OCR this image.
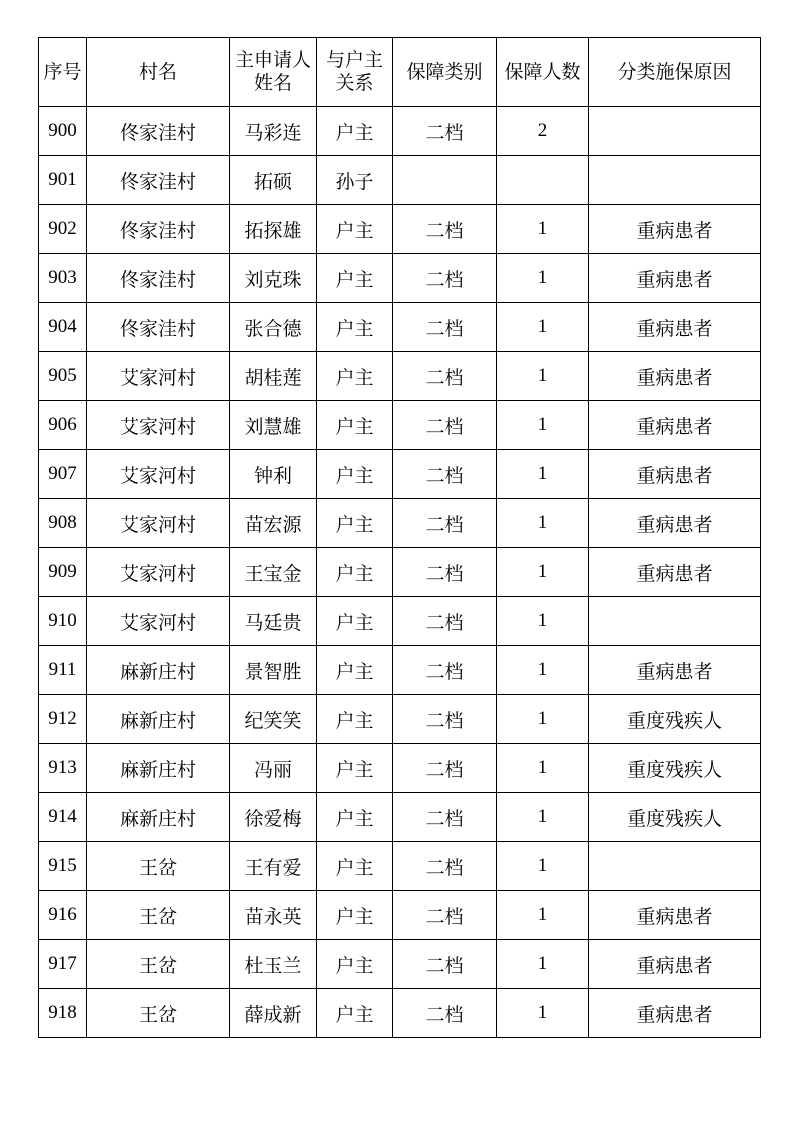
序号	村名	主申请人姓名	与户主关系	保障类别	保障人数	分类施保原因
900	佟家洼村	马彩连	户主	二档	2	
901	佟家洼村	拓硕	孙子			
902	佟家洼村	拓探雄	户主	二档	1	重病患者
903	佟家洼村	刘克珠	户主	二档	1	重病患者
904	佟家洼村	张合德	户主	二档	1	重病患者
905	艾家河村	胡桂莲	户主	二档	1	重病患者
906	艾家河村	刘慧雄	户主	二档	1	重病患者
907	艾家河村	钟利	户主	二档	1	重病患者
908	艾家河村	苗宏源	户主	二档	1	重病患者
909	艾家河村	王宝金	户主	二档	1	重病患者
910	艾家河村	马廷贵	户主	二档	1	
911	麻新庄村	景智胜	户主	二档	1	重病患者
912	麻新庄村	纪笑笑	户主	二档	1	重度残疾人
913	麻新庄村	冯丽	户主	二档	1	重度残疾人
914	麻新庄村	徐爱梅	户主	二档	1	重度残疾人
915	王岔	王有爱	户主	二档	1	
916	王岔	苗永英	户主	二档	1	重病患者
917	王岔	杜玉兰	户主	二档	1	重病患者
918	王岔	薛成新	户主	二档	1	重病患者
